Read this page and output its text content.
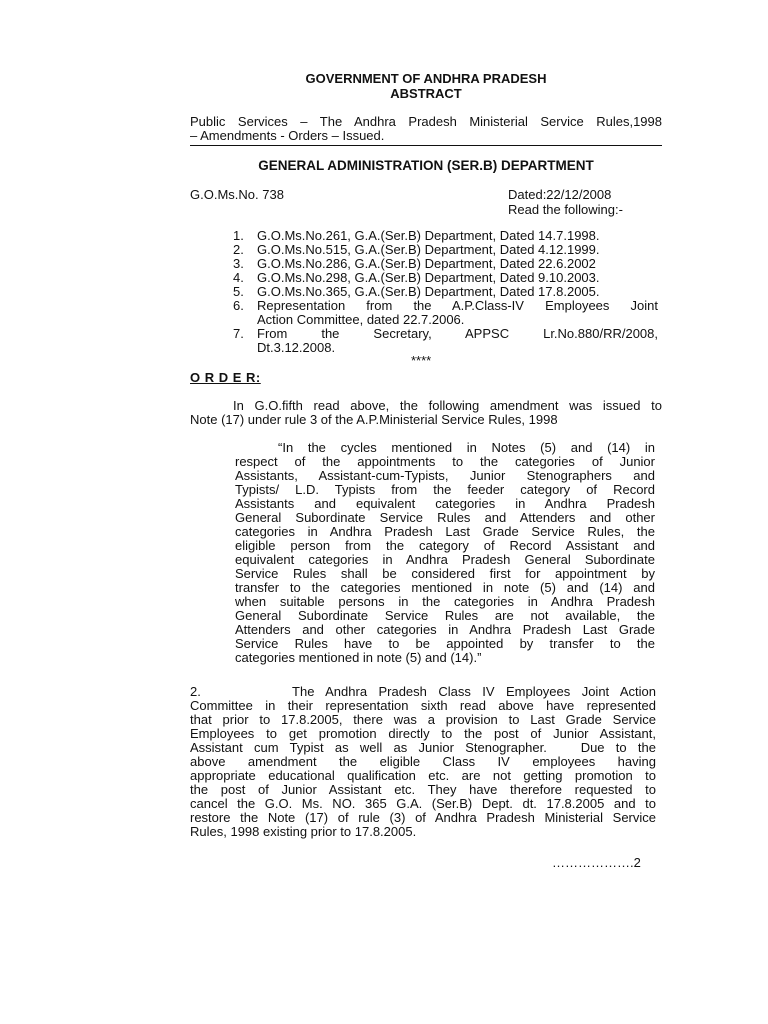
GOVERNMENT OF ANDHRA PRADESH
ABSTRACT
Public Services – The Andhra Pradesh Ministerial Service Rules,1998
– Amendments - Orders – Issued.
GENERAL ADMINISTRATION (SER.B) DEPARTMENT
G.O.Ms.No. 738	Dated:22/12/2008
Read the following:-
1. G.O.Ms.No.261, G.A.(Ser.B) Department, Dated 14.7.1998.
2. G.O.Ms.No.515, G.A.(Ser.B) Department, Dated 4.12.1999.
3. G.O.Ms.No.286, G.A.(Ser.B) Department, Dated 22.6.2002
4. G.O.Ms.No.298, G.A.(Ser.B) Department, Dated 9.10.2003.
5. G.O.Ms.No.365, G.A.(Ser.B) Department, Dated 17.8.2005.
6. Representation from the A.P.Class-IV Employees Joint
Action Committee, dated 22.7.2006.
7. From the Secretary, APPSC Lr.No.880/RR/2008,
Dt.3.12.2008.
****
O R D E R:
In G.O.fifth read above, the following amendment was issued to
Note (17) under rule 3 of the A.P.Ministerial Service Rules, 1998
“In the cycles mentioned in Notes (5) and (14) in
respect of the appointments to the categories of Junior
Assistants, Assistant-cum-Typists, Junior Stenographers and
Typists/ L.D. Typists from the feeder category of Record
Assistants and equivalent categories in Andhra Pradesh
General Subordinate Service Rules and Attenders and other
categories in Andhra Pradesh Last Grade Service Rules, the
eligible person from the category of Record Assistant and
equivalent categories in Andhra Pradesh General Subordinate
Service Rules shall be considered first for appointment by
transfer to the categories mentioned in note (5) and (14) and
when suitable persons in the categories in Andhra Pradesh
General Subordinate Service Rules are not available, the
Attenders and other categories in Andhra Pradesh Last Grade
Service Rules have to be appointed by transfer to the
categories mentioned in note (5) and (14).”
2.        The Andhra Pradesh Class IV Employees Joint Action
Committee in their representation sixth read above have represented
that prior to 17.8.2005, there was a provision to Last Grade Service
Employees to get promotion directly to the post of Junior Assistant,
Assistant cum Typist as well as Junior Stenographer.   Due to the
above amendment the eligible Class IV employees having
appropriate educational qualification etc. are not getting promotion to
the post of Junior Assistant etc. They have therefore requested to
cancel the G.O. Ms. NO. 365 G.A. (Ser.B) Dept. dt. 17.8.2005 and to
restore the Note (17) of rule (3) of Andhra Pradesh Ministerial Service
Rules, 1998 existing prior to 17.8.2005.
……………….2
